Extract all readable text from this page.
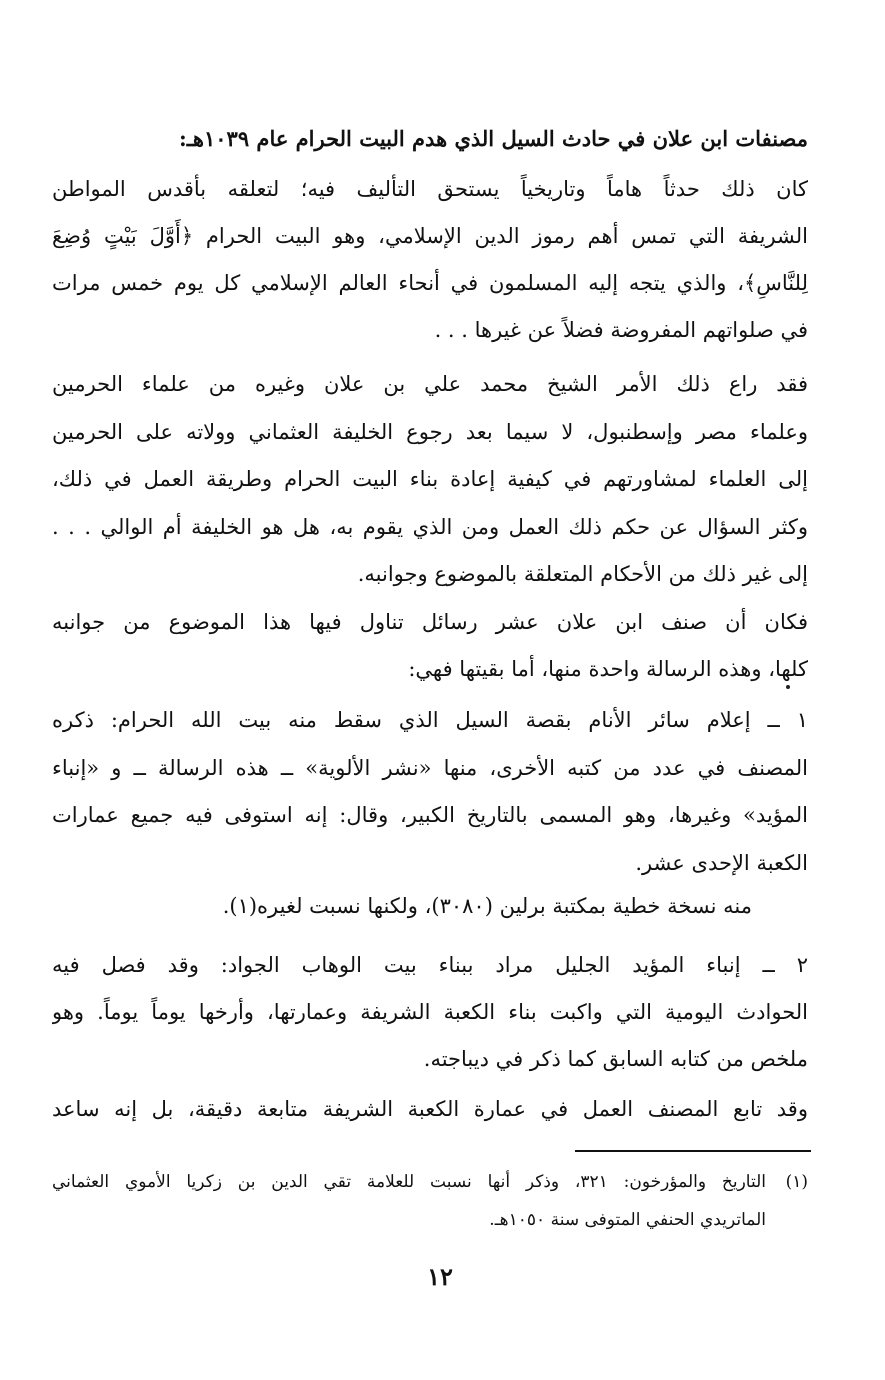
مصنفات ابن علان في حادث السيل الذي هدم البيت الحرام عام ١٠٣٩هـ:
كان ذلك حدثاً هاماً وتاريخياً يستحق التأليف فيه؛ لتعلقه بأقدس المواطن
الشريفة التي تمس أهم رموز الدين الإسلامي، وهو البيت الحرام ﴿أَوَّلَ بَيْتٍ وُضِعَ
لِلنَّاسِ﴾، والذي يتجه إليه المسلمون في أنحاء العالم الإسلامي كل يوم خمس مرات
في صلواتهم المفروضة فضلاً عن غيرها . . .
فقد راع ذلك الأمر الشيخ محمد علي بن علان وغيره من علماء الحرمين
وعلماء مصر وإسطنبول، لا سيما بعد رجوع الخليفة العثماني وولاته على الحرمين
إلى العلماء لمشاورتهم في كيفية إعادة بناء البيت الحرام وطريقة العمل في ذلك،
وكثر السؤال عن حكم ذلك العمل ومن الذي يقوم به، هل هو الخليفة أم الوالي . . .
إلى غير ذلك من الأحكام المتعلقة بالموضوع وجوانبه.
فكان أن صنف ابن علان عشر رسائل تناول فيها هذا الموضوع من جوانبه
كلها، وهذه الرسالة واحدة منها، أما بقيتها فهي:
١ ــ إعلام سائر الأنام بقصة السيل الذي سقط منه بيت الله الحرام: ذكره
المصنف في عدد من كتبه الأخرى، منها «نشر الألوية» ــ هذه الرسالة ــ و «إنباء
المؤيد» وغيرها، وهو المسمى بالتاريخ الكبير، وقال: إنه استوفى فيه جميع عمارات
الكعبة الإحدى عشر.
منه نسخة خطية بمكتبة برلين (٣٠٨٠)، ولكنها نسبت لغيره(١).
٢ ــ إنباء المؤيد الجليل مراد ببناء بيت الوهاب الجواد: وقد فصل فيه
الحوادث اليومية التي واكبت بناء الكعبة الشريفة وعمارتها، وأرخها يوماً يوماً. وهو
ملخص من كتابه السابق كما ذكر في ديباجته.
وقد تابع المصنف العمل في عمارة الكعبة الشريفة متابعة دقيقة، بل إنه ساعد
(١)
التاريخ والمؤرخون: ٣٢١، وذكر أنها نسبت للعلامة تقي الدين بن زكريا الأموي العثماني
الماتريدي الحنفي المتوفى سنة ١٠٥٠هـ.
١٢
